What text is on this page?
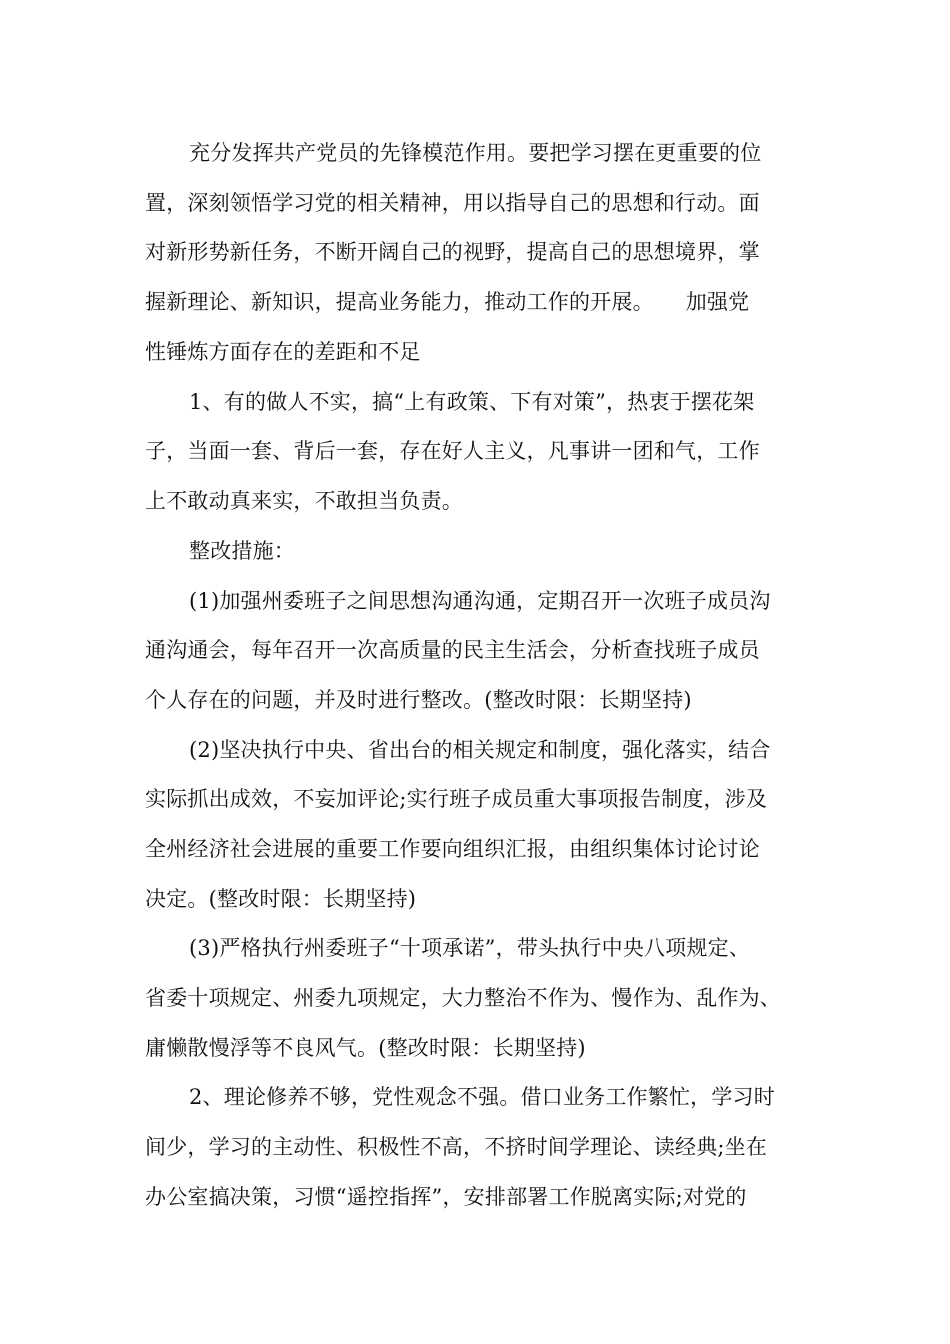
充分发挥共产党员的先锋模范作用。要把学习摆在更重要的位
置，深刻领悟学习党的相关精神，用以指导自己的思想和行动。面
对新形势新任务，不断开阔自己的视野，提高自己的思想境界，掌
握新理论、新知识，提高业务能力，推动工作的开展。　　加强党
性锤炼方面存在的差距和不足
1、有的做人不实，搞“上有政策、下有对策”，热衷于摆花架
子，当面一套、背后一套，存在好人主义，凡事讲一团和气，工作
上不敢动真来实，不敢担当负责。
整改措施：
(1)加强州委班子之间思想沟通沟通，定期召开一次班子成员沟
通沟通会，每年召开一次高质量的民主生活会，分析查找班子成员
个人存在的问题，并及时进行整改。(整改时限：长期坚持)
(2)坚决执行中央、省出台的相关规定和制度，强化落实，结合
实际抓出成效，不妄加评论;实行班子成员重大事项报告制度，涉及
全州经济社会进展的重要工作要向组织汇报，由组织集体讨论讨论
决定。(整改时限：长期坚持)
(3)严格执行州委班子“十项承诺”，带头执行中央八项规定、
省委十项规定、州委九项规定，大力整治不作为、慢作为、乱作为、
庸懒散慢浮等不良风气。(整改时限：长期坚持)
2、理论修养不够，党性观念不强。借口业务工作繁忙，学习时
间少，学习的主动性、积极性不高，不挤时间学理论、读经典;坐在
办公室搞决策，习惯“遥控指挥”，安排部署工作脱离实际;对党的
